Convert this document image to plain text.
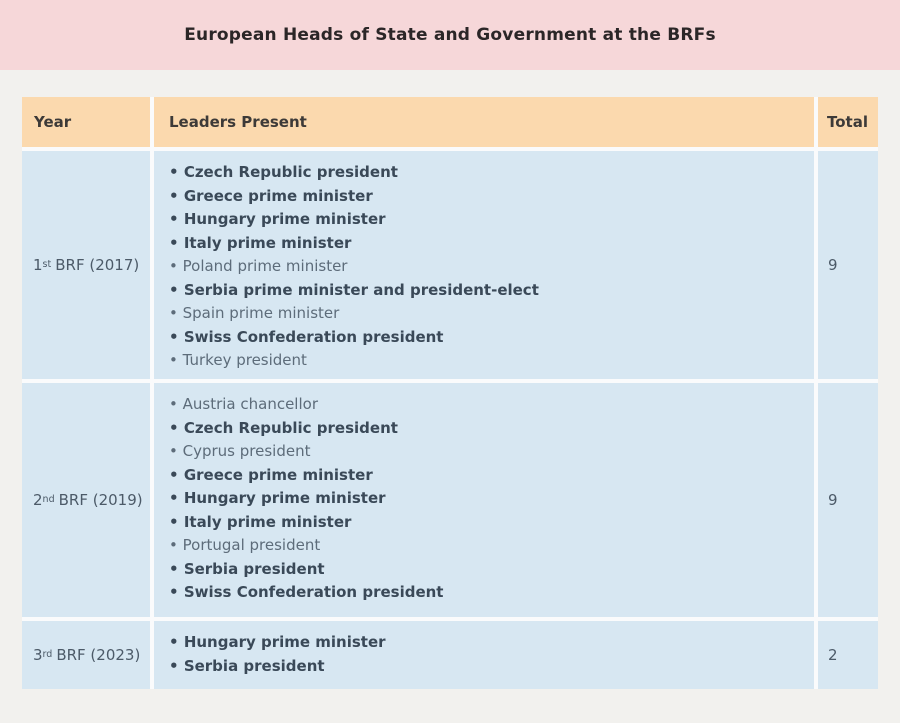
European Heads of State and Government at the BRFs
Year	Leaders Present	Total
1 st BRF (2017)
• Czech Republic president
• Greece prime minister
• Hungary prime minister
• Italy prime minister
• Poland prime minister
• Serbia prime minister and president-elect
• Spain prime minister
• Swiss Confederation president
• Turkey president
9
2 nd BRF (2019)
• Austria chancellor
• Czech Republic president
• Cyprus president
• Greece prime minister
• Hungary prime minister
• Italy prime minister
• Portugal president
• Serbia president
• Swiss Confederation president
9
3 rd BRF (2023)
• Hungary prime minister
• Serbia president
2
